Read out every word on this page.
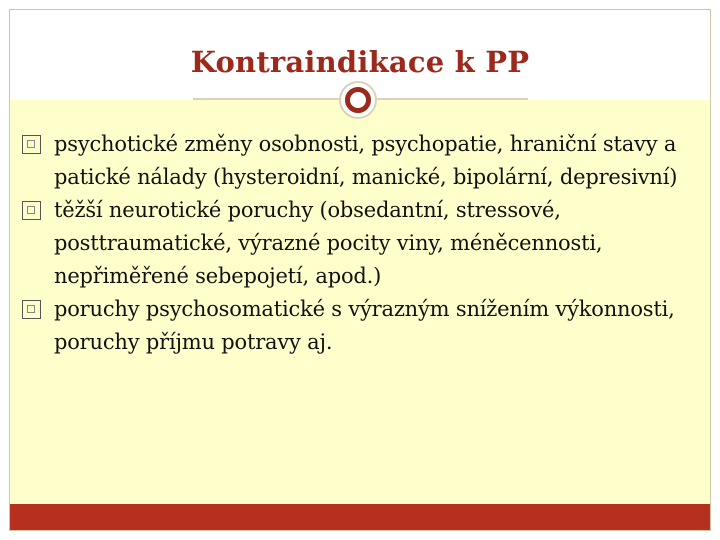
Kontraindikace k PP
psychotické změny osobnosti, psychopatie, hraniční stavy a patické nálady (hysteroidní, manické, bipolární, depresivní)
těžší neurotické poruchy (obsedantní, stressové, posttraumatické, výrazné pocity viny, méněcennosti, nepřiměřené sebepojetí, apod.)
poruchy psychosomatické s výrazným snížením výkonnosti, poruchy příjmu potravy aj.
